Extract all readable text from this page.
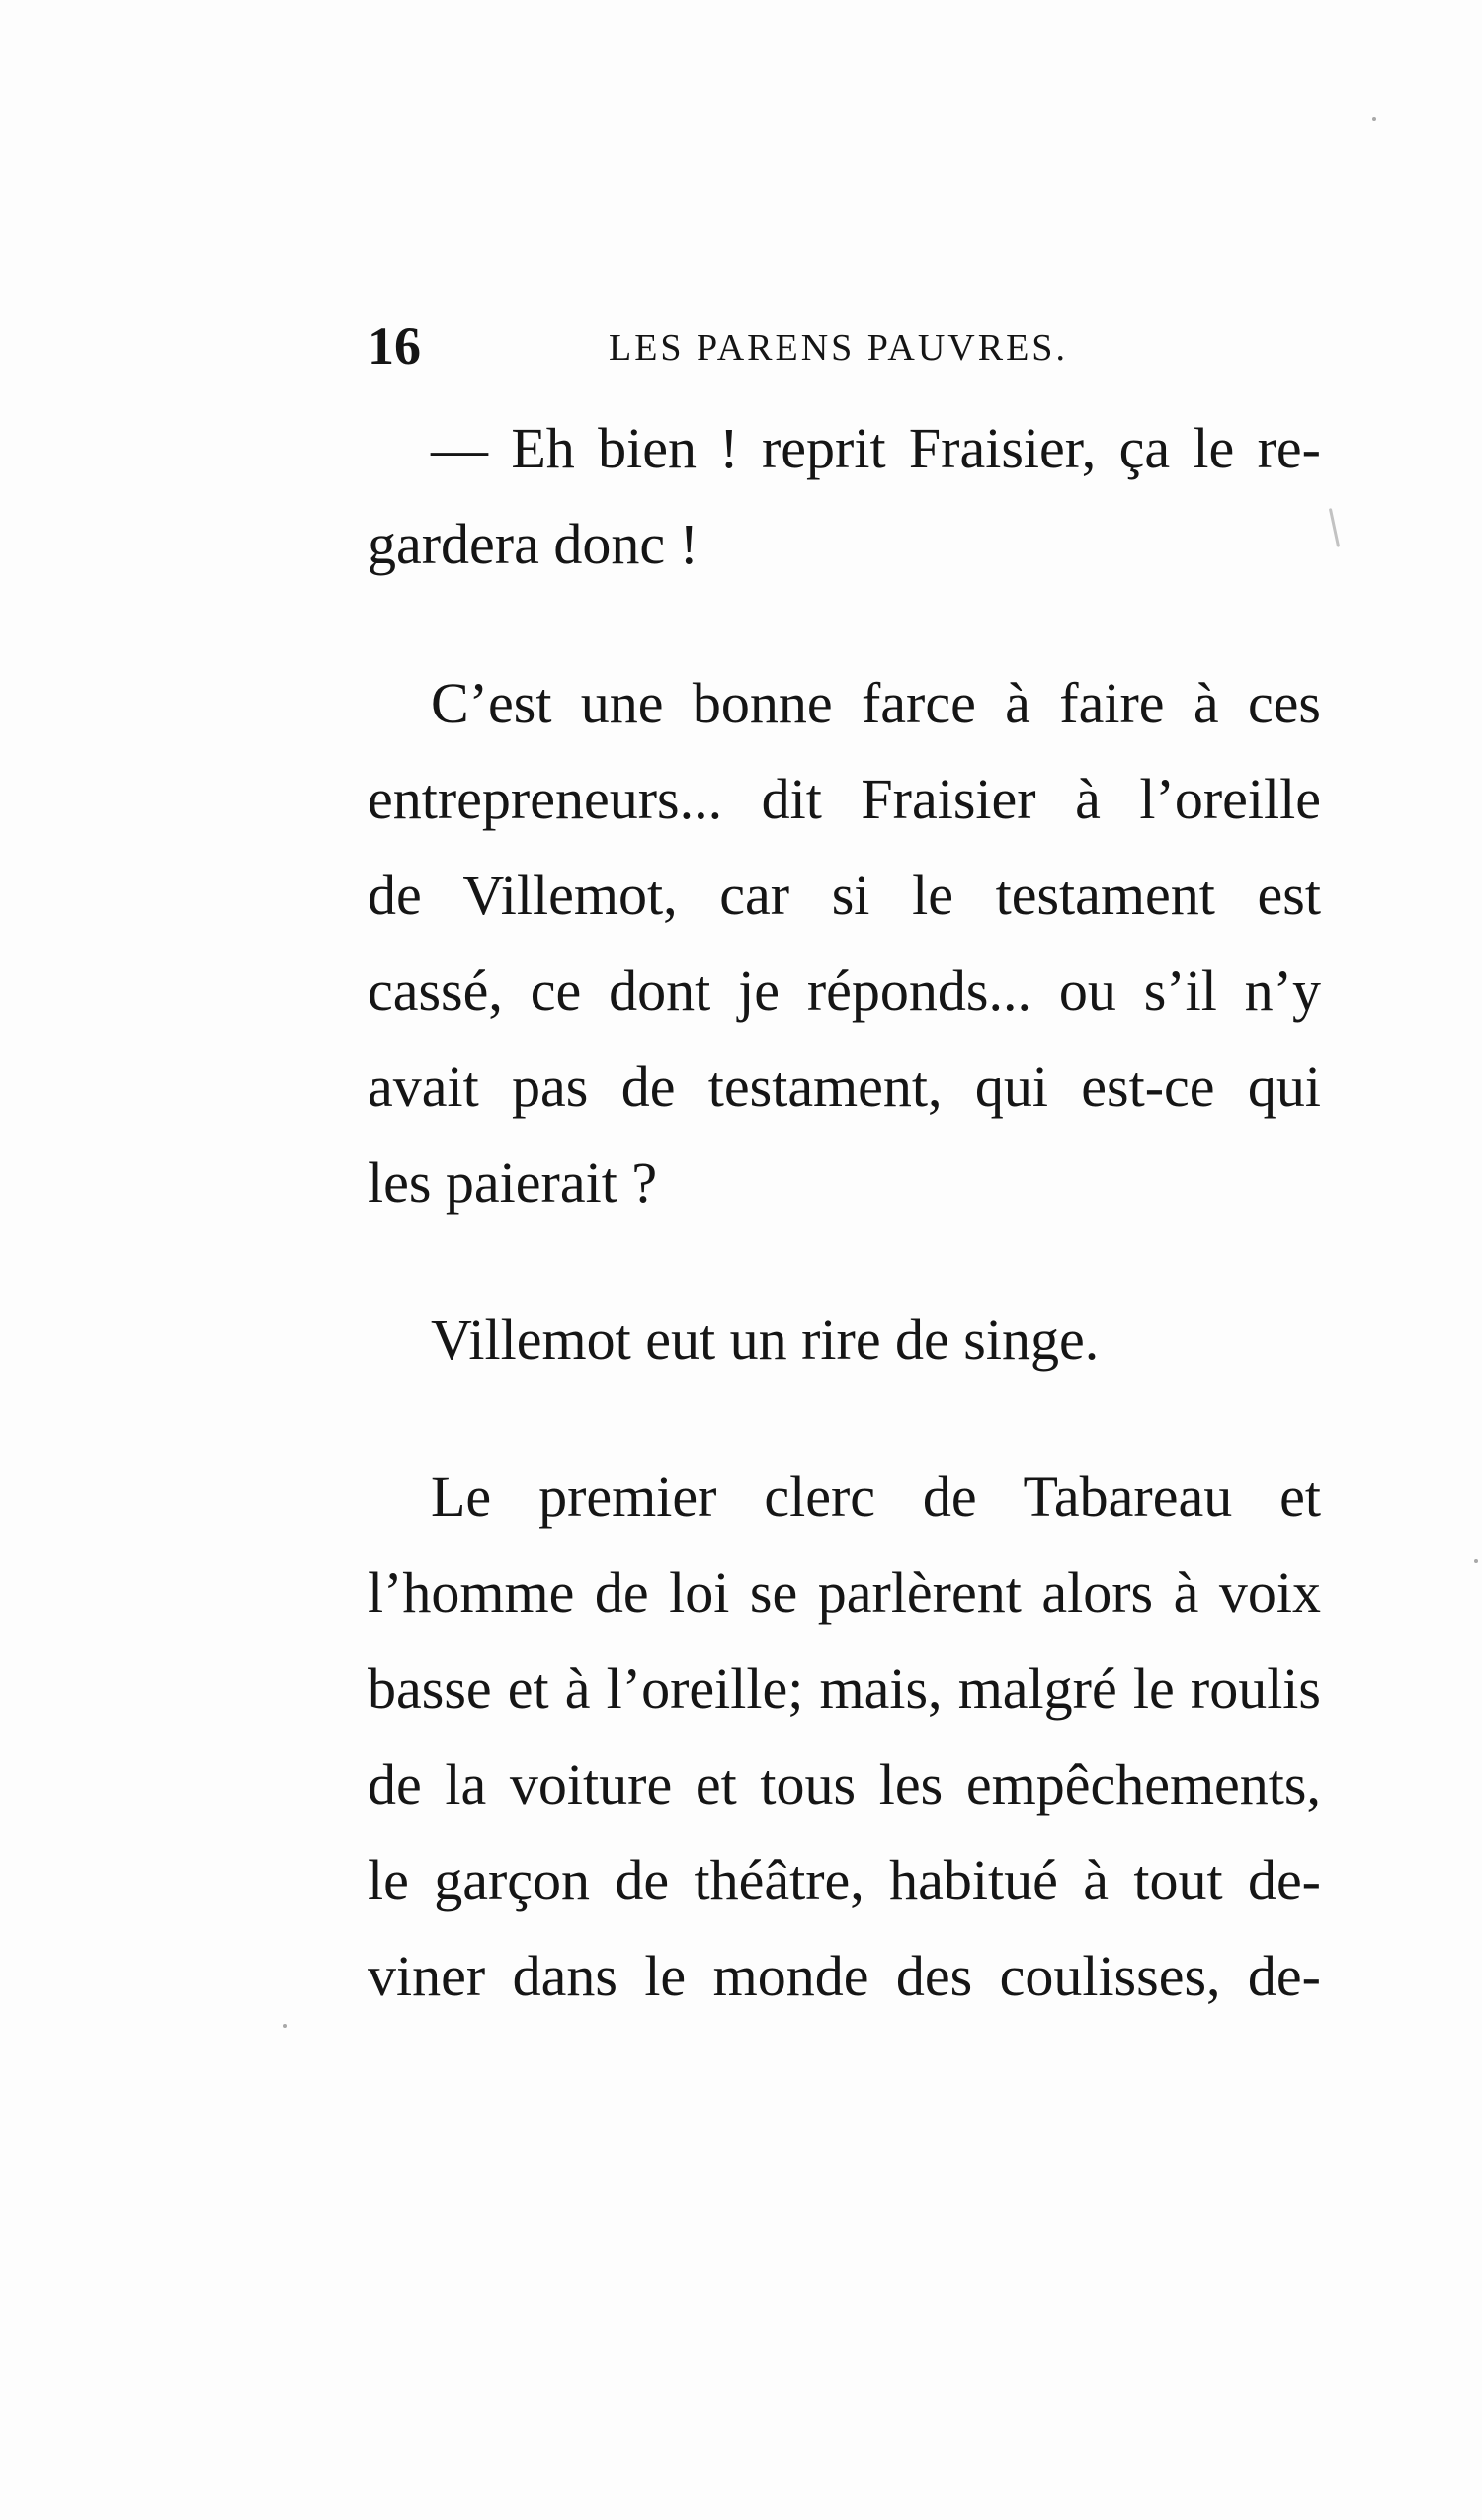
16	LES PARENS PAUVRES.

— Eh bien ! reprit Fraisier, ça le re-
gardera donc !

C’est une bonne farce à faire à ces
entrepreneurs... dit Fraisier à l’oreille
de Villemot, car si le testament est
cassé, ce dont je réponds... ou s’il n’y
avait pas de testament, qui est-ce qui
les paierait ?

Villemot eut un rire de singe.

Le premier clerc de Tabareau et
l’homme de loi se parlèrent alors à voix
basse et à l’oreille; mais, malgré le roulis
de la voiture et tous les empêchements,
le garçon de théâtre, habitué à tout de-
viner dans le monde des coulisses, de-
